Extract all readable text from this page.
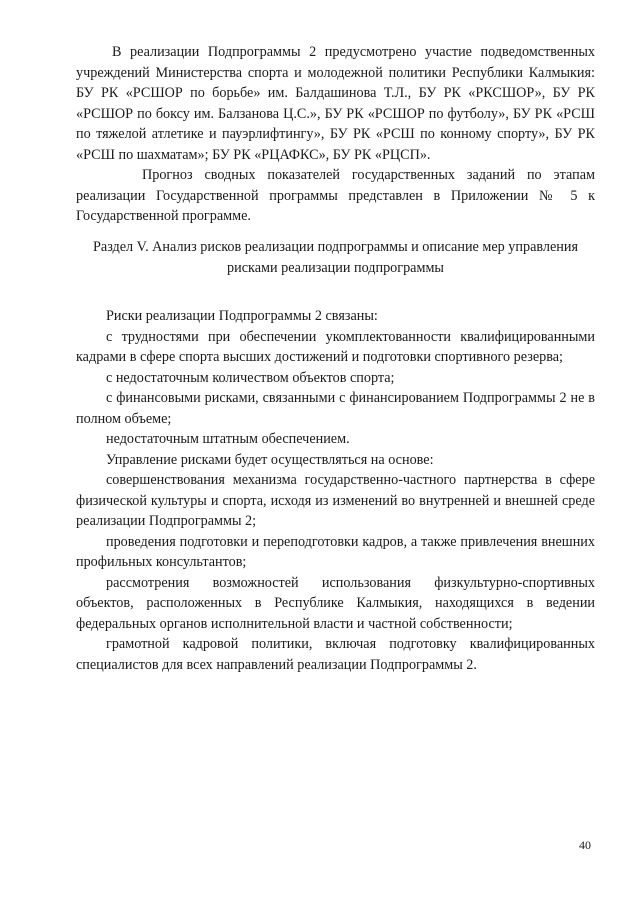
В реализации Подпрограммы 2 предусмотрено участие подведомственных учреждений Министерства спорта и молодежной политики Республики Калмыкия: БУ РК «РСШОР по борьбе» им. Балдашинова Т.Л., БУ РК «РКСШОР», БУ РК «РСШОР по боксу им. Балзанова Ц.С.», БУ РК «РСШОР по футболу», БУ РК «РСШ по тяжелой атлетике и пауэрлифтингу», БУ РК «РСШ по конному спорту», БУ РК «РСШ по шахматам»; БУ РК «РЦАФКС», БУ РК «РЦСП».

Прогноз сводных показателей государственных заданий по этапам реализации Государственной программы представлен в Приложении № 5 к Государственной программе.

Раздел V. Анализ рисков реализации подпрограммы и описание мер управления
рисками реализации подпрограммы

Риски реализации Подпрограммы 2 связаны:

с трудностями при обеспечении укомплектованности квалифицированными кадрами в сфере спорта высших достижений и подготовки спортивного резерва;

с недостаточным количеством объектов спорта;

с финансовыми рисками, связанными с финансированием Подпрограммы 2 не в полном объеме;

недостаточным штатным обеспечением.

Управление рисками будет осуществляться на основе:

совершенствования механизма государственно-частного партнерства в сфере физической культуры и спорта, исходя из изменений во внутренней и внешней среде реализации Подпрограммы 2;

проведения подготовки и переподготовки кадров, а также привлечения внешних профильных консультантов;

рассмотрения возможностей использования физкультурно-спортивных объектов, расположенных в Республике Калмыкия, находящихся в ведении федеральных органов исполнительной власти и частной собственности;

грамотной кадровой политики, включая подготовку квалифицированных специалистов для всех направлений реализации Подпрограммы 2.

40
